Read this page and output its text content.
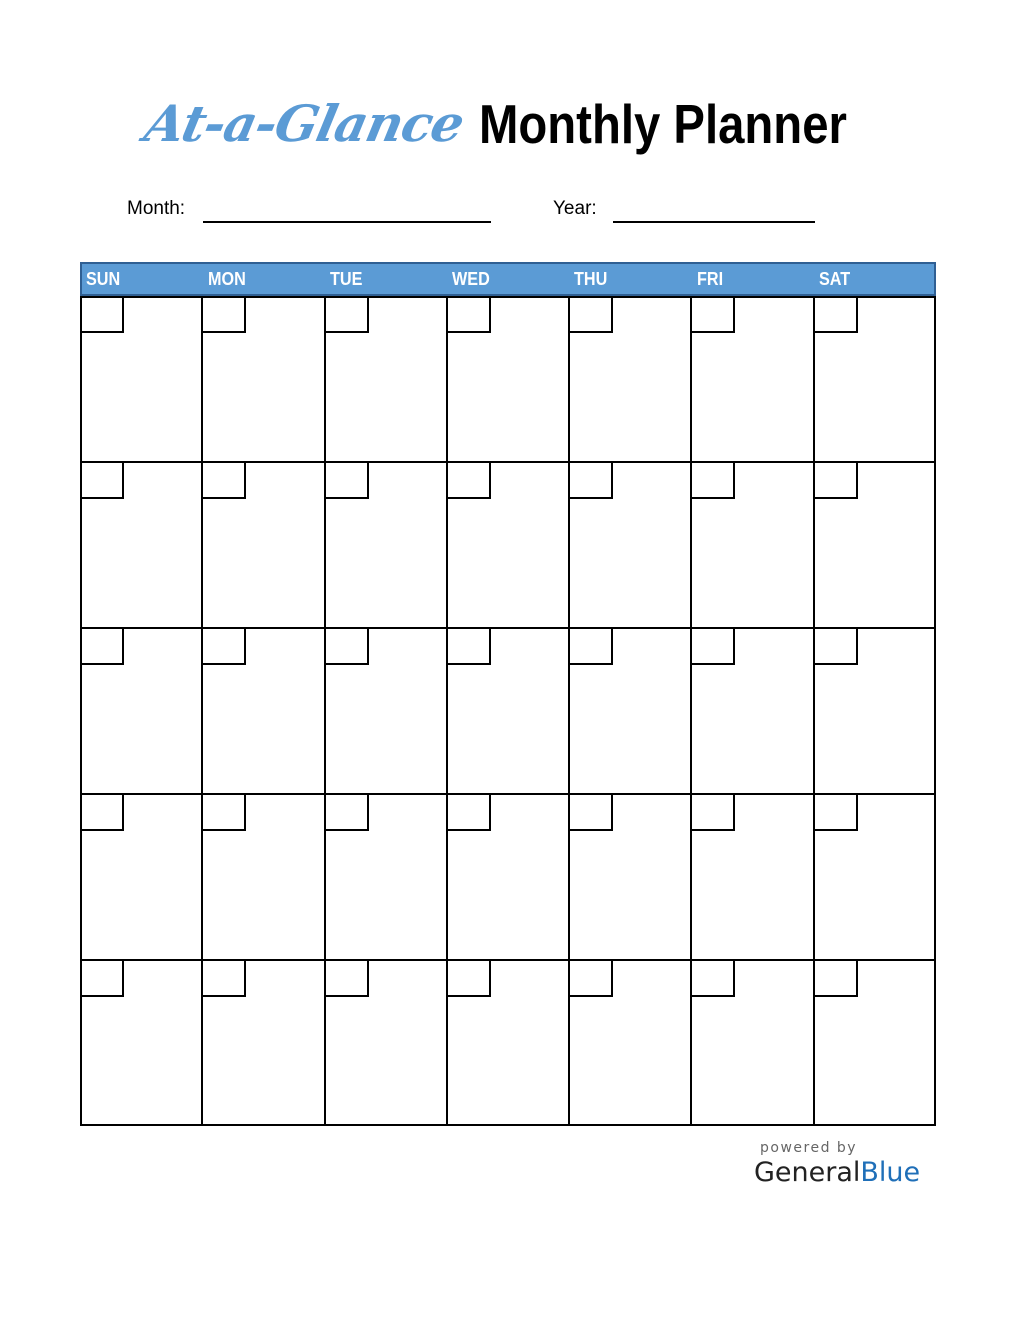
At-a-Glance Monthly Planner
Month:	Year:
SUN	MON	TUE	WED	THU	FRI	SAT
powered by
GeneralBlue
